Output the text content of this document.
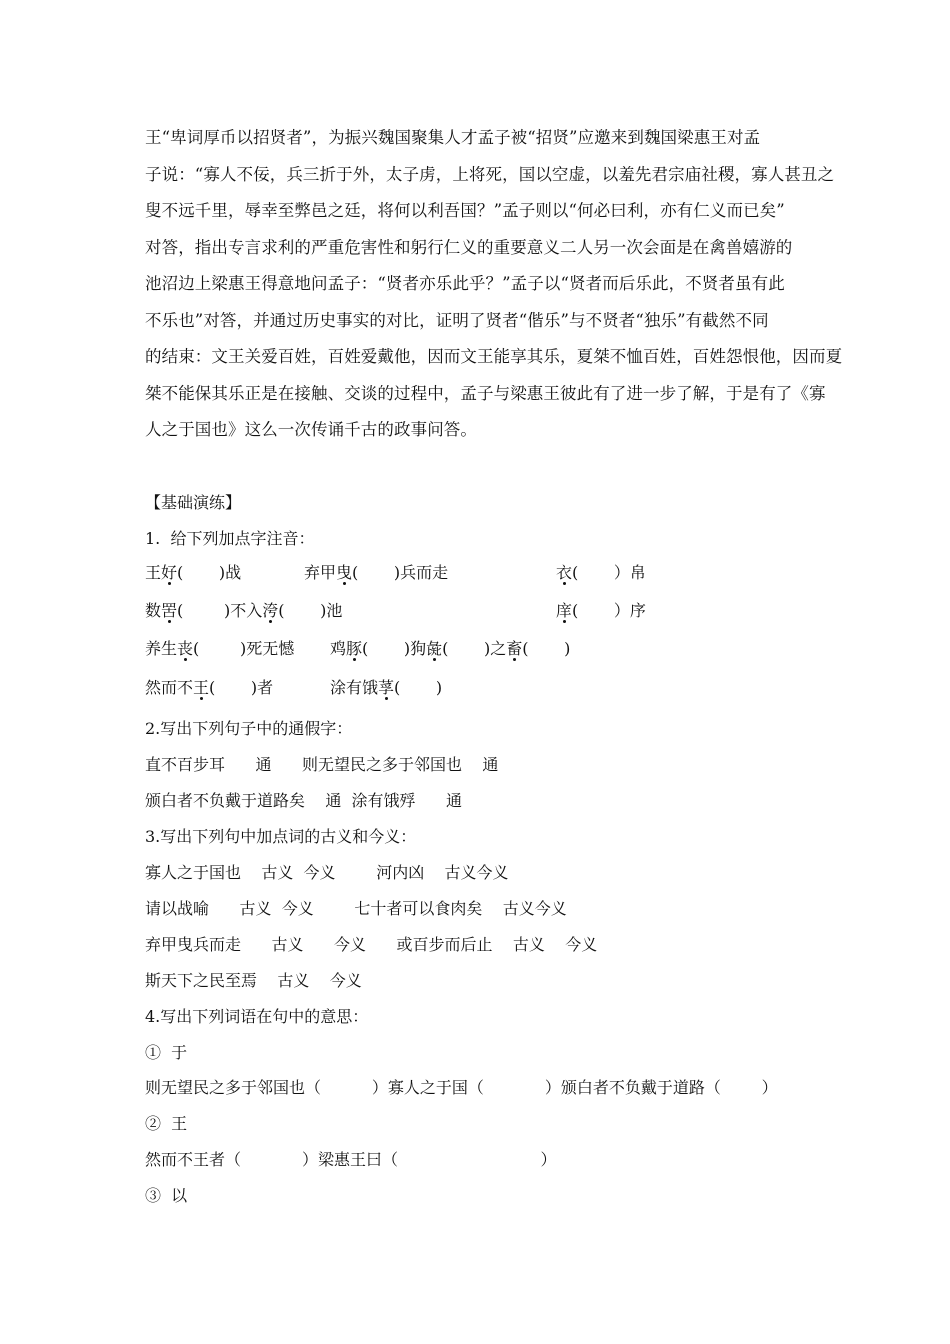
王“卑词厚币以招贤者”，为振兴魏国聚集人才孟子被“招贤”应邀来到魏国梁惠王对孟
子说：“寡人不佞，兵三折于外，太子虏，上将死，国以空虚，以羞先君宗庙社稷，寡人甚丑之
叟不远千里，辱幸至弊邑之廷，将何以利吾国？”孟子则以“何必曰利，亦有仁义而已矣”
对答，指出专言求利的严重危害性和躬行仁义的重要意义二人另一次会面是在禽兽嬉游的
池沼边上梁惠王得意地问孟子：“贤者亦乐此乎？”孟子以“贤者而后乐此，不贤者虽有此
不乐也”对答，并通过历史事实的对比，证明了贤者“偕乐”与不贤者“独乐”有截然不同
的结束：文王关爱百姓，百姓爱戴他，因而文王能享其乐，夏桀不恤百姓，百姓怨恨他，因而夏
桀不能保其乐正是在接触、交谈的过程中，孟子与梁惠王彼此有了进一步了解，于是有了《寡
人之于国也》这么一次传诵千古的政事问答。
【基础演练】
1.  给下列加点字注音：
王好(       )战	弃甲曳(       )兵而走	衣(       ）帛
数罟(        )不入洿(       )池	庠(       ）序
养生丧(        )死无憾 鸡豚(       )狗彘(       )之畜(       )
然而不王(       )者	涂有饿莩(       )
2.写出下列句子中的通假字：
直不百步耳      通      则无望民之多于邻国也    通
颁白者不负戴于道路矣    通  涂有饿殍      通
3.写出下列句中加点词的古义和今义：
寡人之于国也    古义  今义        河内凶    古义今义
请以战喻      古义  今义        七十者可以食肉矣    古义今义
弃甲曳兵而走      古义      今义      或百步而后止    古义    今义
斯天下之民至焉    古义    今义
4.写出下列词语在句中的意思：
①  于
则无望民之多于邻国也（          ）寡人之于国（            ）颁白者不负戴于道路（        ）
②  王
然而不王者（            ）梁惠王曰（                            ）
③  以
